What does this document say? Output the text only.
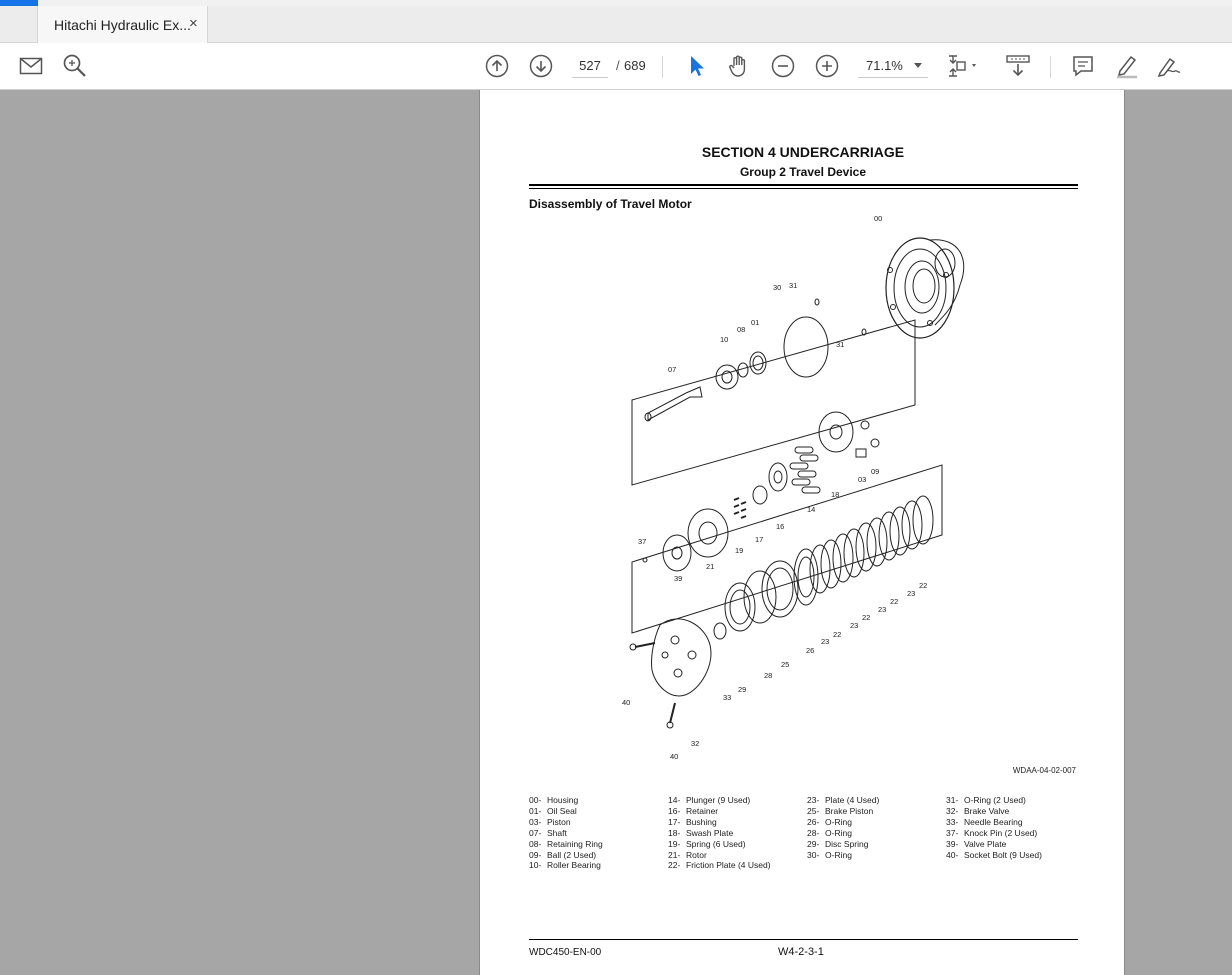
Hitachi Hydraulic Ex...
×
527
/ 689	71.1%
SECTION 4 UNDERCARRIAGE
Group 2 Travel Device
Disassembly of Travel Motor
00
31
30
01
08
10
07
31
09
03
18
14
16
17
19
21
37
39
22
23
22
23
22
23
22
23
26
25
28
29
33
40
32
40
WDAA-04-02-007
00- Housing
01- Oil Seal
03- Piston
07- Shaft
08- Retaining Ring
09- Ball (2 Used)
10- Roller Bearing
14- Plunger (9 Used)
16- Retainer
17- Bushing
18- Swash Plate
19- Spring (6 Used)
21- Rotor
22- Friction Plate (4 Used)
23- Plate (4 Used)
25- Brake Piston
26- O-Ring
28- O-Ring
29- Disc Spring
30- O-Ring
31- O-Ring (2 Used)
32- Brake Valve
33- Needle Bearing
37- Knock Pin (2 Used)
39- Valve Plate
40- Socket Bolt (9 Used)
WDC450-EN-00	W4-2-3-1
